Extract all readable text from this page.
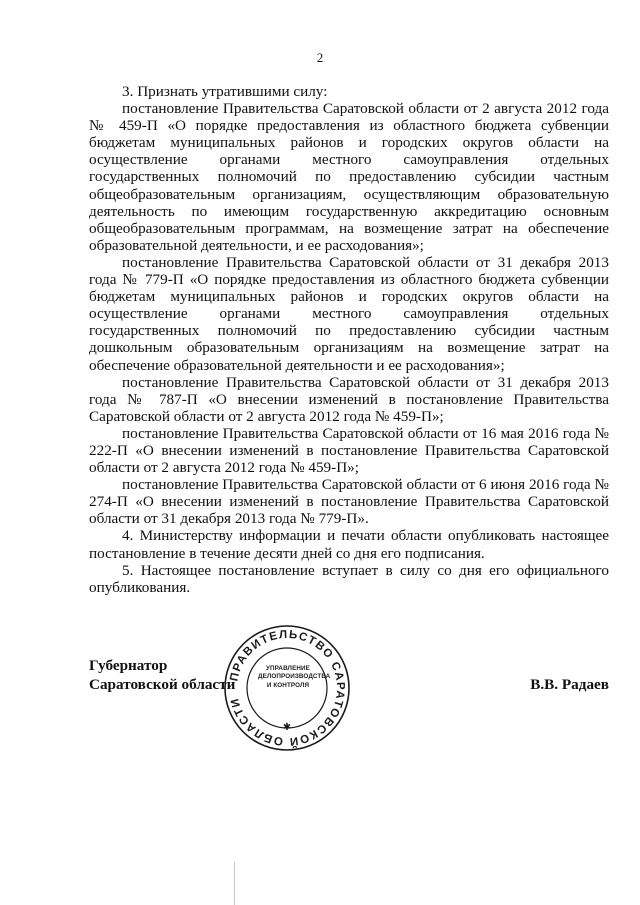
2

3. Признать утратившими силу:

постановление Правительства Саратовской области от 2 августа 2012 года № 459-П «О порядке предоставления из областного бюджета субвенции бюджетам муниципальных районов и городских округов области на осуществление органами местного самоуправления отдельных государственных полномочий по предоставлению субсидии частным общеобразовательным организациям, осуществляющим образовательную деятельность по имеющим государственную аккредитацию основным общеобразовательным программам, на возмещение затрат на обеспечение образовательной деятельности, и ее расходования»;

постановление Правительства Саратовской области от 31 декабря 2013 года № 779-П «О порядке предоставления из областного бюджета субвенции бюджетам муниципальных районов и городских округов области на осуществление органами местного самоуправления отдельных государственных полномочий по предоставлению субсидии частным дошкольным образовательным организациям на возмещение затрат на обеспечение образовательной деятельности и ее расходования»;

постановление Правительства Саратовской области от 31 декабря 2013 года № 787-П «О внесении изменений в постановление Правительства Саратовской области от 2 августа 2012 года № 459-П»;

постановление Правительства Саратовской области от 16 мая 2016 года № 222-П «О внесении изменений в постановление Правительства Саратовской области от 2 августа 2012 года № 459-П»;

постановление Правительства Саратовской области от 6 июня 2016 года № 274-П «О внесении изменений в постановление Правительства Саратовской области от 31 декабря 2013 года № 779-П».

4. Министерству информации и печати области опубликовать настоящее постановление в течение десяти дней со дня его подписания.

5. Настоящее постановление вступает в силу со дня его официального опубликования.

ПРАВИТЕЛЬСТВО САРАТОВСКОЙ ОБЛАСТИ
✱
УПРАВЛЕНИЕ
ДЕЛОПРОИЗВОДСТВА
И КОНТРОЛЯ
Губернатор
Саратовской области	В.В. Радаев
